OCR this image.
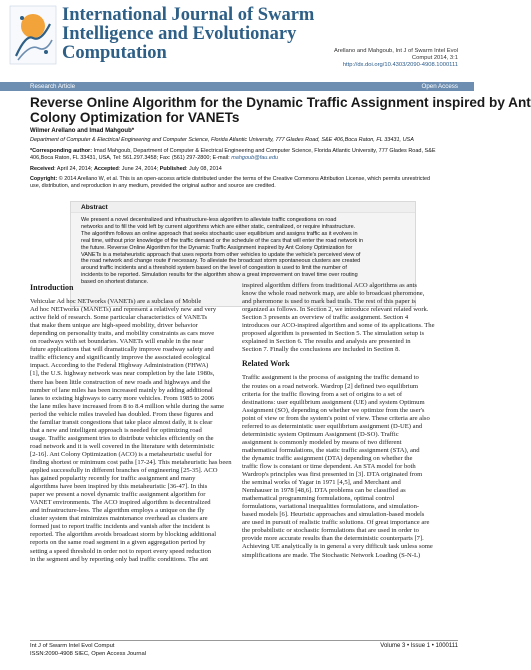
International Journal of Swarm
Intelligence and Evolutionary
Computation	Arellano and Mahgoub, Int J of Swarm Intel Evol
Comput 2014, 3:1
http://dx.doi.org/10.4303/2090-4908.1000111
Research Article	Open Access
Reverse Online Algorithm for the Dynamic Traffic Assignment inspired by Ant
Colony Optimization for VANETs
Wilmer Arellano and Imad Mahgoub*
Department of Computer & Electrical Engineering and Computer Science, Florida Atlantic University, 777 Glades Road, S&E 406,Boca Raton, FL 33431, USA
*Corresponding author: Imad Mahgoub, Department of Computer & Electrical Engineering and Computer Science, Florida Atlantic University, 777 Glades Road, S&E
406,Boca Raton, FL 33431, USA, Tel: 561.297.3458; Fax: (561) 297-2800; E-mail: mahgoub@fau.edu
Received: April 24, 2014; Accepted: June 24, 2014; Published: July 08, 2014
Copyright: © 2014 Arellano W, et al. This is an open-access article distributed under the terms of the Creative Commons Attribution License, which permits unrestricted
use, distribution, and reproduction in any medium, provided the original author and source are credited.
Abstract
We present a novel decentralized and infrastructure-less algorithm to alleviate traffic congestions on road
networks and to fill the void left by current algorithms which are either static, centralized, or require infrastructure.
The algorithm follows an online approach that seeks stochastic user equilibrium and assigns traffic as it evolves in
real time, without prior knowledge of the traffic demand or the schedule of the cars that will enter the road network in
the future. Reverse Online Algorithm for the Dynamic Traffic Assignment inspired by Ant Colony Optimization for
VANETs is a metaheuristic approach that uses reports from other vehicles to update the vehicle's perceived view of
the road network and change route if necessary. To alleviate the broadcast storm spontaneous clusters are created
around traffic incidents and a threshold system based on the level of congestion is used to limit the number of
incidents to be reported. Simulation results for the algorithm show a great improvement on travel time over routing
based on shortest distance.
Introduction
Vehicular Ad hoc NETworks (VANETs) are a subclass of Mobile
Ad hoc NETworks (MANETs) and represent a relatively new and very
active field of research. Some particular characteristics of VANETs
that make them unique are high-speed mobility, driver behavior
depending on personality traits, and mobility constraints as cars move
on roadways with set boundaries. VANETs will enable in the near
future applications that will dramatically improve roadway safety and
traffic efficiency and significantly improve the associated ecological
impact. According to the Federal Highway Administration (FHWA)
[1], the U.S. highway network was near completion by the late 1980s,
there has been little construction of new roads and highways and the
number of lane miles has been increased mainly by adding additional
lanes to existing highways to carry more vehicles. From 1985 to 2006
the lane miles have increased from 8 to 8.4 million while during the same
period the vehicle miles traveled has doubled. From these figures and
the familiar transit congestions that take place almost daily, it is clear
that a new and intelligent approach is needed for optimizing road
usage. Traffic assignment tries to distribute vehicles efficiently on the
road network and it is well covered in the literature with deterministic
[2-16]. Ant Colony Optimization (ACO) is a metaheuristic useful for
finding shortest or minimum cost paths [17-24]. This metaheuristic has been
applied successfully in different branches of engineering [25-35]. ACO
has gained popularity recently for traffic assignment and many
algorithms have been inspired by this metaheuristic [36-47]. In this
paper we present a novel dynamic traffic assignment algorithm for
VANET environments. The ACO inspired algorithm is decentralized
and infrastructure-less. The algorithm employs a unique on the fly
cluster system that minimizes maintenance overhead as clusters are
formed just to report traffic incidents and vanish after the incident is
reported. The algorithm avoids broadcast storm by blocking additional
reports on the same road segment in a given aggregation period by
setting a speed threshold in order not to report every speed reduction
in the segment and by reporting only bad traffic conditions. The ant
inspired algorithm differs from traditional ACO algorithms as ants
know the whole road network map, are able to broadcast pheromone,
and pheromone is used to mark bad trails. The rest of this paper is
organized as follows. In Section 2, we introduce relevant related work.
Section 3 presents an overview of traffic assignment. Section 4
introduces our ACO-inspired algorithm and some of its applications. The
proposed algorithm is presented in Section 5. The simulation setup is
explained in Section 6. The results and analysis are presented in
Section 7. Finally the conclusions are included in Section 8.
Related Work
Traffic assignment is the process of assigning the traffic demand to
the routes on a road network. Wardrop [2] defined two equilibrium
criteria for the traffic flowing from a set of origins to a set of
destinations: user equilibrium assignment (UE) and system Optimum
Assignment (SO), depending on whether we optimize from the user's
point of view or from the system's point of view. These criteria are also
referred to as deterministic user equilibrium assignment (D-UE) and
deterministic system Optimum Assignment (D-SO). Traffic
assignment is commonly modeled by means of two different
mathematical formulations, the static traffic assignment (STA), and
the dynamic traffic assignment (DTA) depending on whether the
traffic flow is constant or time dependent. An STA model for both
Wardrop's principles was first presented in [3]. DTA originated from
the seminal works of Yagar in 1971 [4,5], and Merchant and
Nemhauser in 1978 [48,6]. DTA problems can be classified as
mathematical programming formulations, optimal control
formulations, variational inequalities formulations, and simulation-
based models [6]. Heuristic approaches and simulation-based models
are used in pursuit of realistic traffic solutions. Of great importance are
the probabilistic or stochastic formulations that are used in order to
provide more accurate results than the deterministic counterparts [7].
Achieving UE analytically is in general a very difficult task unless some
simplifications are made. The Stochastic Network Loading (S-N-L)
Int J of Swarm Intel Evol Comput
ISSN:2090-4908 SIEC, Open Access Journal
Volume 3 • Issue 1 • 1000111
